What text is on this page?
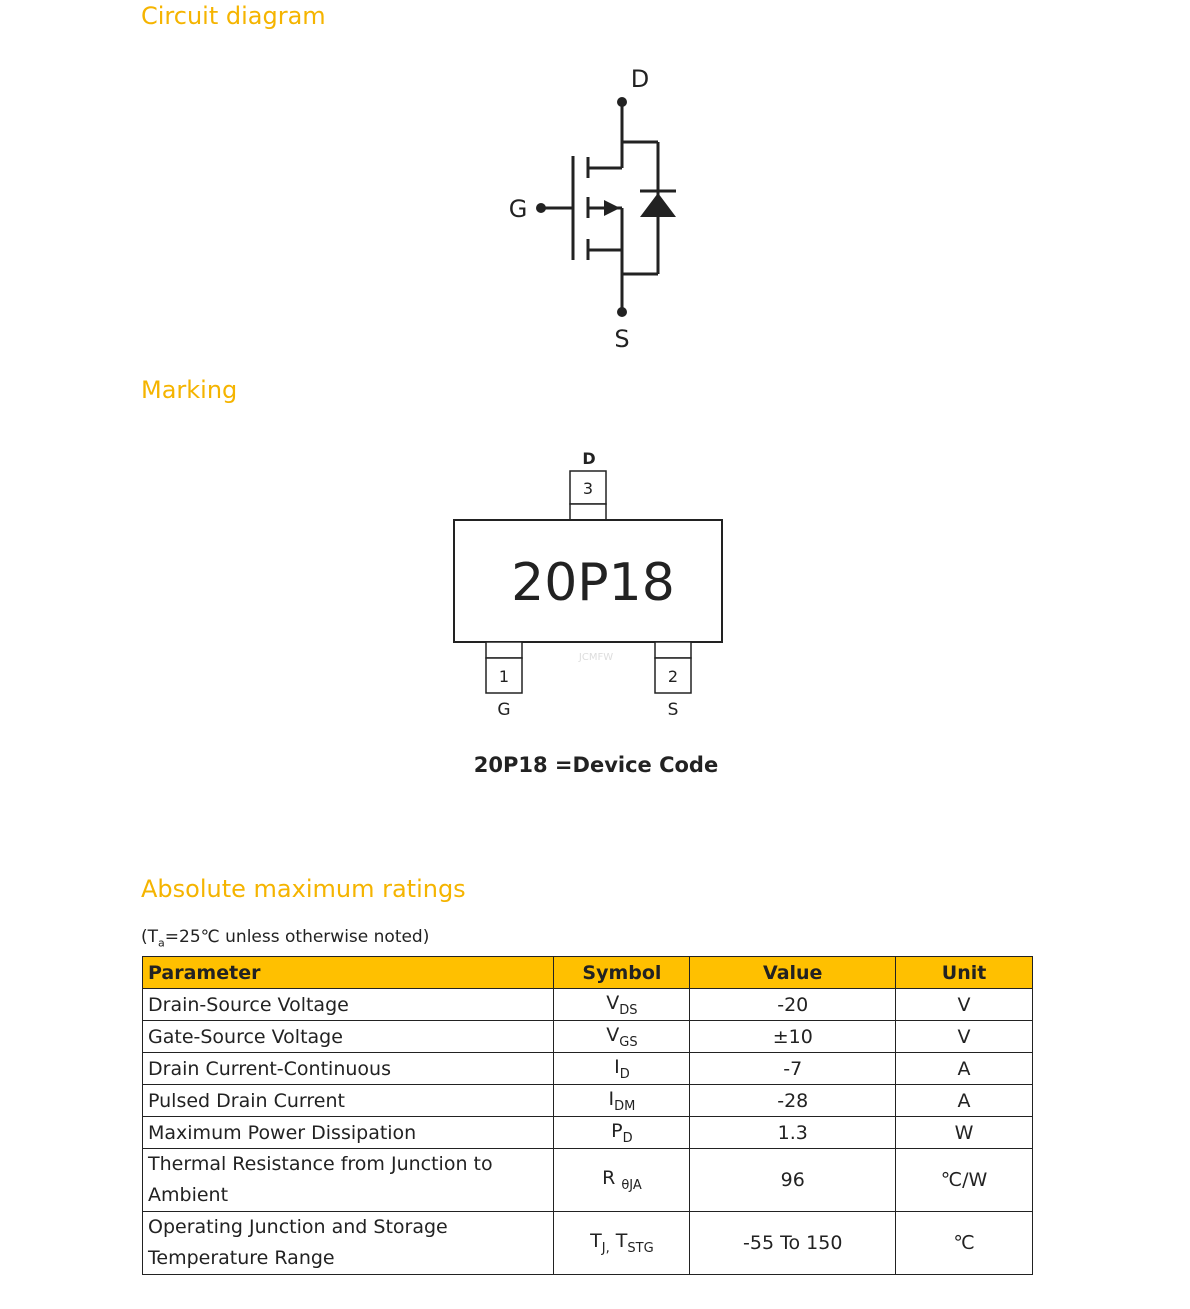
Circuit diagram
Marking
Absolute maximum ratings
D
G
S
D
3
20P18
JCMFW
1	2
G	S
20P18 =Device Code
($T_a=25℃$ unless otherwise noted)
Parameter	Symbol	Value	Unit
Drain-Source Voltage	$V_{DS}$	-20	V
Gate-Source Voltage	$V_{GS}$	±10	V
Drain Current-Continuous	$I_D$	-7	A
Pulsed Drain Current	$I_{DM}$	-28	A
Maximum Power Dissipation	$P_D$	1.3	W
Thermal Resistance from Junction to Ambient	R $_{\theta JA}$	96	℃/W
Operating Junction and Storage Temperature Range	$T_{J,}$ $T_{STG}$	-55 To 150	℃
